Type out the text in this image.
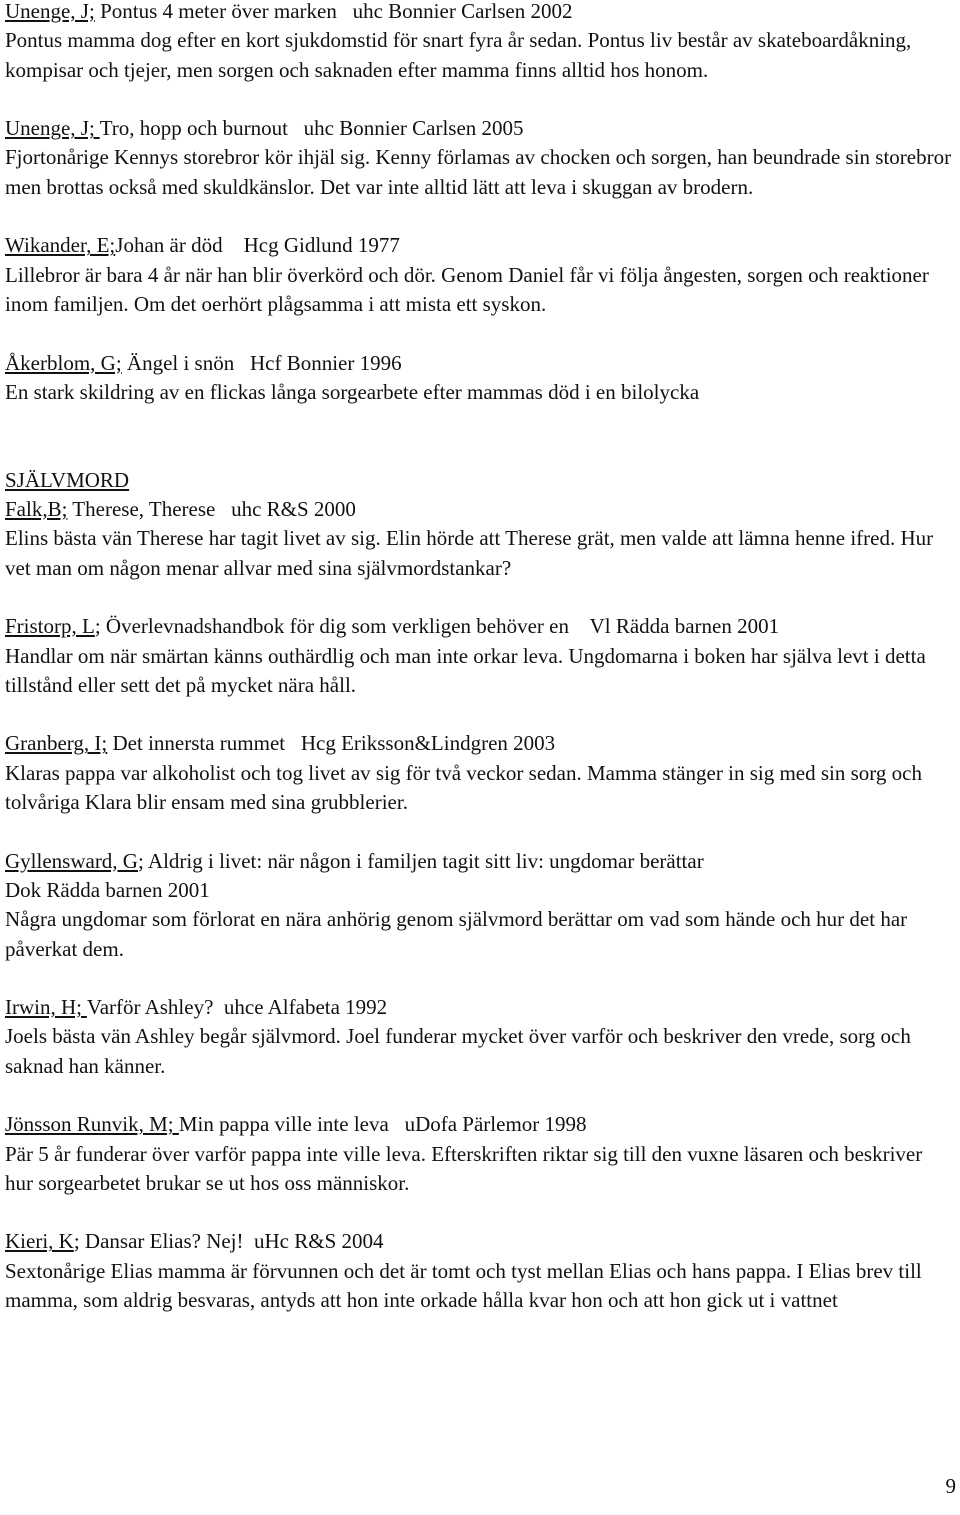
Unenge, J; Pontus 4 meter över marken   uhc Bonnier Carlsen 2002

Pontus mamma dog efter en kort sjukdomstid för snart fyra år sedan. Pontus liv består av skateboardåkning, kompisar och tjejer, men sorgen och saknaden efter mamma finns alltid hos honom.

Unenge, J; Tro, hopp och burnout   uhc Bonnier Carlsen 2005

Fjortonårige Kennys storebror kör ihjäl sig. Kenny förlamas av chocken och sorgen, han beundrade sin storebror men brottas också med skuldkänslor. Det var inte alltid lätt att leva i skuggan av brodern.

Wikander, E;Johan är död    Hcg Gidlund 1977

Lillebror är bara 4 år när han blir överkörd och dör. Genom Daniel får vi följa ångesten, sorgen och reaktioner inom familjen. Om det oerhört plågsamma i att mista ett syskon.

Åkerblom, G; Ängel i snön   Hcf Bonnier 1996

En stark skildring av en flickas långa sorgearbete efter mammas död i en bilolycka

SJÄLVMORD

Falk,B; Therese, Therese   uhc R&S 2000

Elins bästa vän Therese har tagit livet av sig. Elin hörde att Therese grät, men valde att lämna henne ifred. Hur vet man om någon menar allvar med sina självmordstankar?

Fristorp, L; Överlevnadshandbok för dig som verkligen behöver en    Vl Rädda barnen 2001

Handlar om när smärtan känns outhärdlig och man inte orkar leva. Ungdomarna i boken har själva levt i detta tillstånd eller sett det på mycket nära håll.

Granberg, I; Det innersta rummet   Hcg Eriksson&Lindgren 2003

Klaras pappa var alkoholist och tog livet av sig för två veckor sedan. Mamma stänger in sig med sin sorg och tolvåriga Klara blir ensam med sina grubblerier.

Gyllensward, G; Aldrig i livet: när någon i familjen tagit sitt liv: ungdomar berättar

Dok Rädda barnen 2001

Några ungdomar som förlorat en nära anhörig genom självmord berättar om vad som hände och hur det har påverkat dem.

Irwin, H; Varför Ashley?  uhce Alfabeta 1992

Joels bästa vän Ashley begår självmord. Joel funderar mycket över varför och beskriver den vrede, sorg och saknad han känner.

Jönsson Runvik, M; Min pappa ville inte leva   uDofa Pärlemor 1998

Pär 5 år funderar över varför pappa inte ville leva. Efterskriften riktar sig till den vuxne läsaren och beskriver hur sorgearbetet brukar se ut hos oss människor.

Kieri, K; Dansar Elias? Nej!  uHc R&S 2004

Sextonårige Elias mamma är förvunnen och det är tomt och tyst mellan Elias och hans pappa. I Elias brev till mamma, som aldrig besvaras, antyds att hon inte orkade hålla kvar hon och att hon gick ut i vattnet

9
